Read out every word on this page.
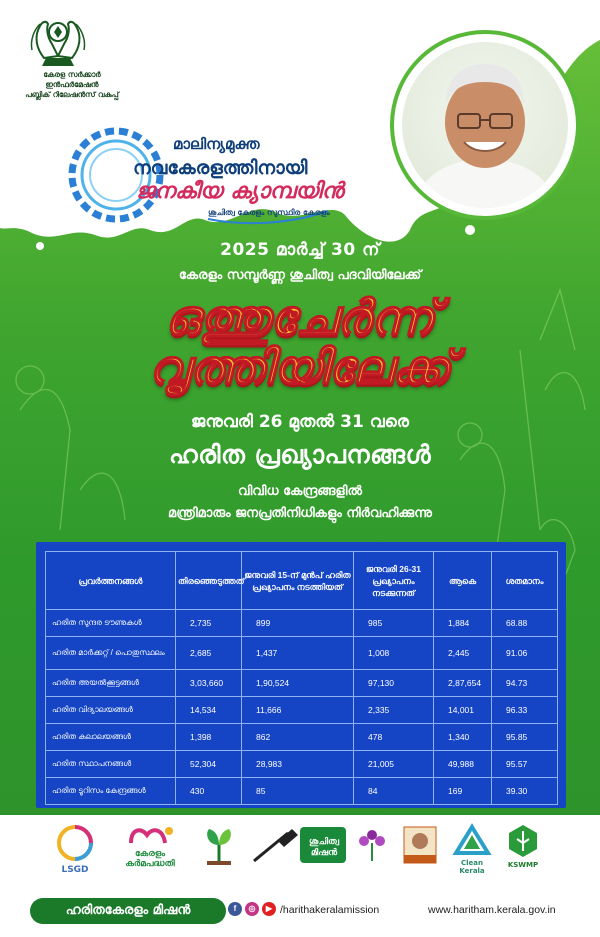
കേരള സർക്കാർ
ഇൻഫർമേഷൻ
പബ്ലിക് റിലേഷൻസ് വകുപ്പ്
മാലിന്യമുക്ത
നവകേരളത്തിനായി
ജനകീയ ക്യാമ്പയിൻ
ശുചിത്വ കേരളം സുസ്ഥിര കേരളം
2025 മാർച്ച് 30 ന്
കേരളം സമ്പൂർണ്ണ ശുചിത്വ പദവിയിലേക്ക്
ഒത്തുചേർന്ന്
വൃത്തിയിലേക്ക്
ജനുവരി 26 മുതൽ 31 വരെ
ഹരിത പ്രഖ്യാപനങ്ങൾ
വിവിധ കേന്ദ്രങ്ങളിൽ
മന്ത്രിമാരും ജനപ്രതിനിധികളും നിർവഹിക്കുന്നു
പ്രവർത്തനങ്ങൾ	തിരഞ്ഞെടുത്തത്	ജനുവരി 15-ന് മുൻപ് ഹരിത പ്രഖ്യാപനം നടത്തിയത്	ജനുവരി 26-31 പ്രഖ്യാപനം നടക്കുന്നത്	ആകെ	ശതമാനം
ഹരിത സുന്ദര ടൗണുകൾ	2,735	899	985	1,884	68.88
ഹരിത മാർക്കറ്റ് / പൊതുസ്ഥലം	2,685	1,437	1,008	2,445	91.06
ഹരിത അയൽക്കൂട്ടങ്ങൾ	3,03,660	1,90,524	97,130	2,87,654	94.73
ഹരിത വിദ്യാലയങ്ങൾ	14,534	11,666	2,335	14,001	96.33
ഹരിത കലാലയങ്ങൾ	1,398	862	478	1,340	95.85
ഹരിത സ്ഥാപനങ്ങൾ	52,304	28,983	21,005	49,988	95.57
ഹരിത ടൂറിസം കേന്ദ്രങ്ങൾ	430	85	84	169	39.30
LSGD
കേരളം കർമപദ്ധതി
ശുചിത്വ മിഷൻ
Clean Kerala
KSWMP
ഹരിതകേരളം മിഷൻ	f	◎	▶ /harithakeralamission	www.haritham.kerala.gov.in
